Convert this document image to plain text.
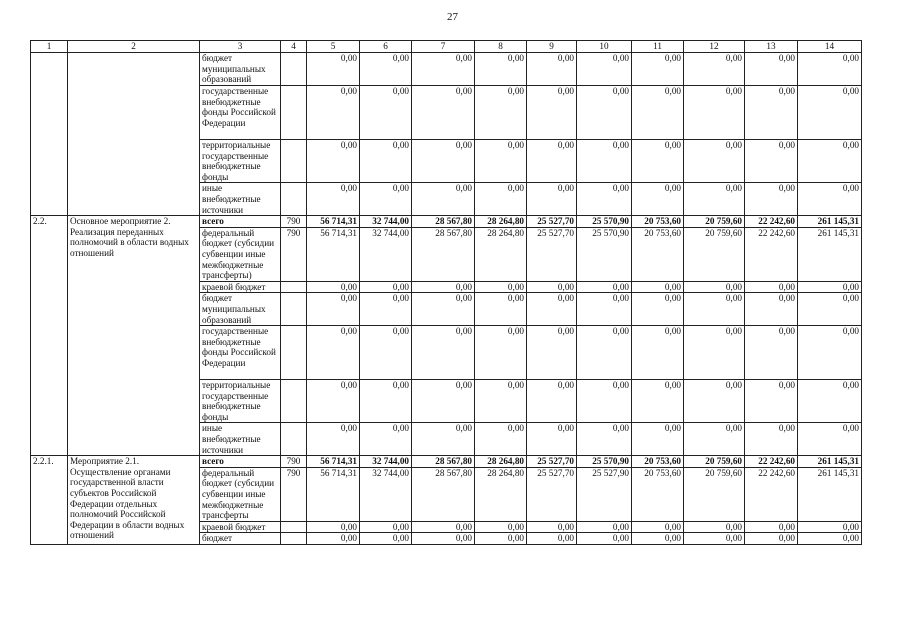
27
1	2	3	4	5	6	7	8	9	10	11	12	13	14
		бюджет муниципальных образований		0,00	0,00	0,00	0,00	0,00	0,00	0,00	0,00	0,00	0,00
		государственные внебюджетные фонды Российской Федерации		0,00	0,00	0,00	0,00	0,00	0,00	0,00	0,00	0,00	0,00
		территориальные государственные внебюджетные фонды		0,00	0,00	0,00	0,00	0,00	0,00	0,00	0,00	0,00	0,00
		иные внебюджетные источники		0,00	0,00	0,00	0,00	0,00	0,00	0,00	0,00	0,00	0,00
2.2.	Основное мероприятие 2. Реализация переданных полномочий в области водных отношений	всего	790	56 714,31	32 744,00	28 567,80	28 264,80	25 527,70	25 570,90	20 753,60	20 759,60	22 242,60	261 145,31
		федеральный бюджет (субсидии субвенции иные межбюджетные трансферты)	790	56 714,31	32 744,00	28 567,80	28 264,80	25 527,70	25 570,90	20 753,60	20 759,60	22 242,60	261 145,31
		краевой бюджет		0,00	0,00	0,00	0,00	0,00	0,00	0,00	0,00	0,00	0,00
		бюджет муниципальных образований		0,00	0,00	0,00	0,00	0,00	0,00	0,00	0,00	0,00	0,00
		государственные внебюджетные фонды Российской Федерации		0,00	0,00	0,00	0,00	0,00	0,00	0,00	0,00	0,00	0,00
		территориальные государственные внебюджетные фонды		0,00	0,00	0,00	0,00	0,00	0,00	0,00	0,00	0,00	0,00
		иные внебюджетные источники		0,00	0,00	0,00	0,00	0,00	0,00	0,00	0,00	0,00	0,00
2.2.1.	Мероприятие 2.1. Осуществление органами государственной власти субъектов Российской Федерации отдельных полномочий Российской Федерации в области водных отношений	всего	790	56 714,31	32 744,00	28 567,80	28 264,80	25 527,70	25 570,90	20 753,60	20 759,60	22 242,60	261 145,31
		федеральный бюджет (субсидии субвенции иные межбюджетные трансферты	790	56 714,31	32 744,00	28 567,80	28 264,80	25 527,70	25 527,90	20 753,60	20 759,60	22 242,60	261 145,31
		краевой бюджет		0,00	0,00	0,00	0,00	0,00	0,00	0,00	0,00	0,00	0,00
		бюджет		0,00	0,00	0,00	0,00	0,00	0,00	0,00	0,00	0,00	0,00
